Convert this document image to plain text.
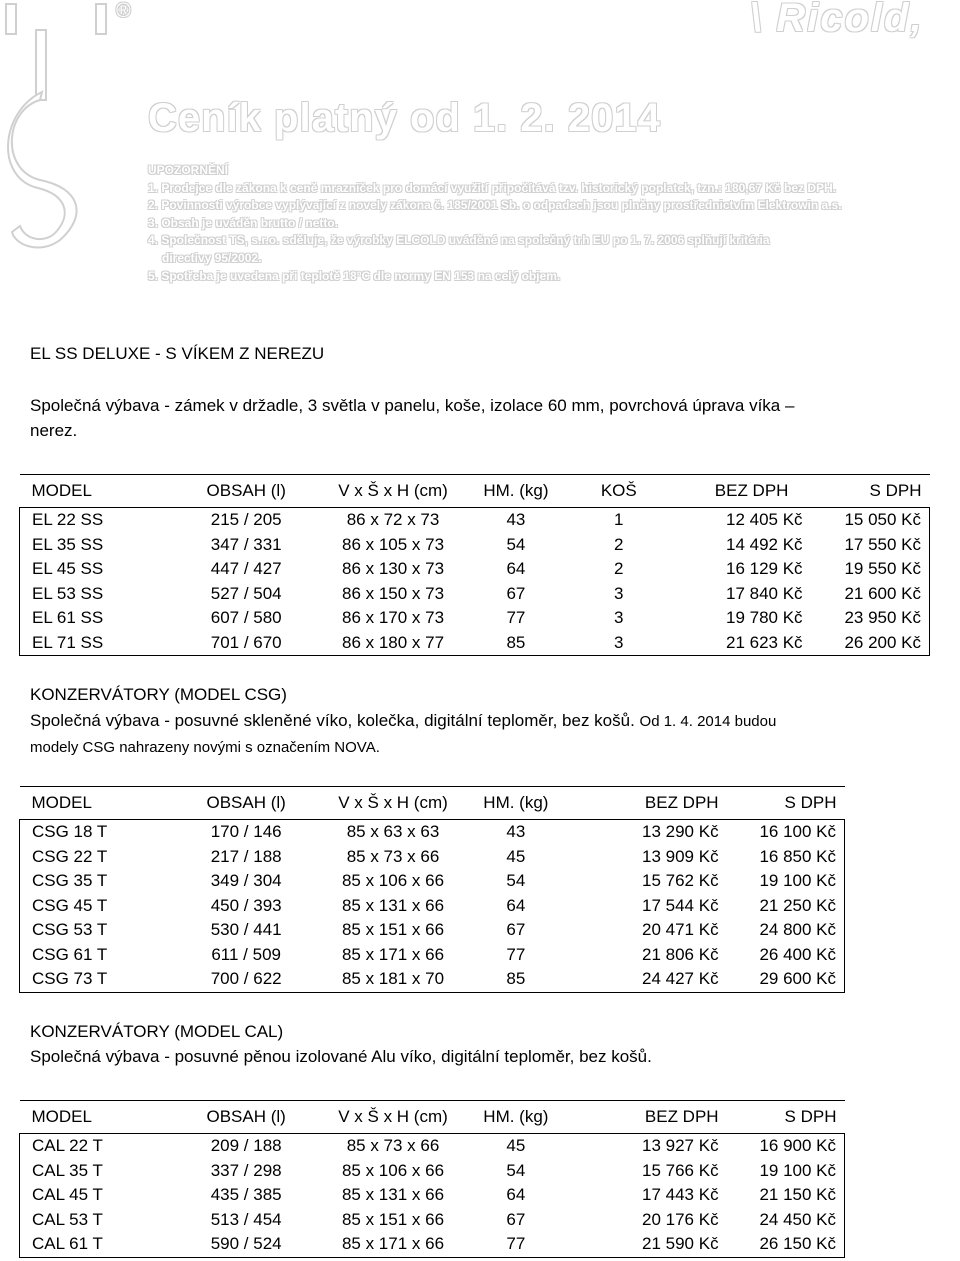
®	\ Ricold,
Ceník platný od 1. 2. 2014
UPOZORNĚNÍ
1. Prodejce dle zákona k ceně mrazniček pro domácí využití připočítává tzv. historický poplatek, tzn.: 180,67 Kč bez DPH.
2. Povinnosti výrobce vyplývající z novely zákona č. 185/2001 Sb. o odpadech jsou plněny prostřednictvím Elektrowin a.s.
3. Obsah je uváděn brutto / netto.
4. Společnost TS, s.r.o. sděluje, že výrobky ELCOLD uváděné na společný trh EU po 1. 7. 2006 splňují kritéria
directivy 95/2002.
5. Spotřeba je uvedena při teplotě 18°C dle normy EN 153 na celý objem.
EL SS DELUXE - S VÍKEM Z NEREZU
Společná výbava - zámek v držadle, 3 světla v panelu, koše, izolace 60 mm, povrchová úprava víka –
nerez.
MODEL	OBSAH (l)	V x Š x H (cm)	HM. (kg)	KOŠ	BEZ DPH	S DPH
EL 22 SS	215 / 205	86 x 72 x 73	43	1	12 405 Kč	15 050 Kč
EL 35 SS	347 / 331	86 x 105 x 73	54	2	14 492 Kč	17 550 Kč
EL 45 SS	447 / 427	86 x 130 x 73	64	2	16 129 Kč	19 550 Kč
EL 53 SS	527 / 504	86 x 150 x 73	67	3	17 840 Kč	21 600 Kč
EL 61 SS	607 / 580	86 x 170 x 73	77	3	19 780 Kč	23 950 Kč
EL 71 SS	701 / 670	86 x 180 x 77	85	3	21 623 Kč	26 200 Kč
KONZERVÁTORY (MODEL CSG)
Společná výbava - posuvné skleněné víko, kolečka, digitální teploměr, bez košů. Od 1. 4. 2014 budou
modely CSG nahrazeny novými s označením NOVA.
MODEL	OBSAH (l)	V x Š x H (cm)	HM. (kg)	BEZ DPH	S DPH
CSG 18 T	170 / 146	85 x 63 x 63	43	13 290 Kč	16 100 Kč
CSG 22 T	217 / 188	85 x 73 x 66	45	13 909 Kč	16 850 Kč
CSG 35 T	349 / 304	85 x 106 x 66	54	15 762 Kč	19 100 Kč
CSG 45 T	450 / 393	85 x 131 x 66	64	17 544 Kč	21 250 Kč
CSG 53 T	530 / 441	85 x 151 x 66	67	20 471 Kč	24 800 Kč
CSG 61 T	611 / 509	85 x 171 x 66	77	21 806 Kč	26 400 Kč
CSG 73 T	700 / 622	85 x 181 x 70	85	24 427 Kč	29 600 Kč
KONZERVÁTORY (MODEL CAL)
Společná výbava - posuvné pěnou izolované Alu víko, digitální teploměr, bez košů.
MODEL	OBSAH (l)	V x Š x H (cm)	HM. (kg)	BEZ DPH	S DPH
CAL 22 T	209 / 188	85 x 73 x 66	45	13 927 Kč	16 900 Kč
CAL 35 T	337 / 298	85 x 106 x 66	54	15 766 Kč	19 100 Kč
CAL 45 T	435 / 385	85 x 131 x 66	64	17 443 Kč	21 150 Kč
CAL 53 T	513 / 454	85 x 151 x 66	67	20 176 Kč	24 450 Kč
CAL 61 T	590 / 524	85 x 171 x 66	77	21 590 Kč	26 150 Kč
